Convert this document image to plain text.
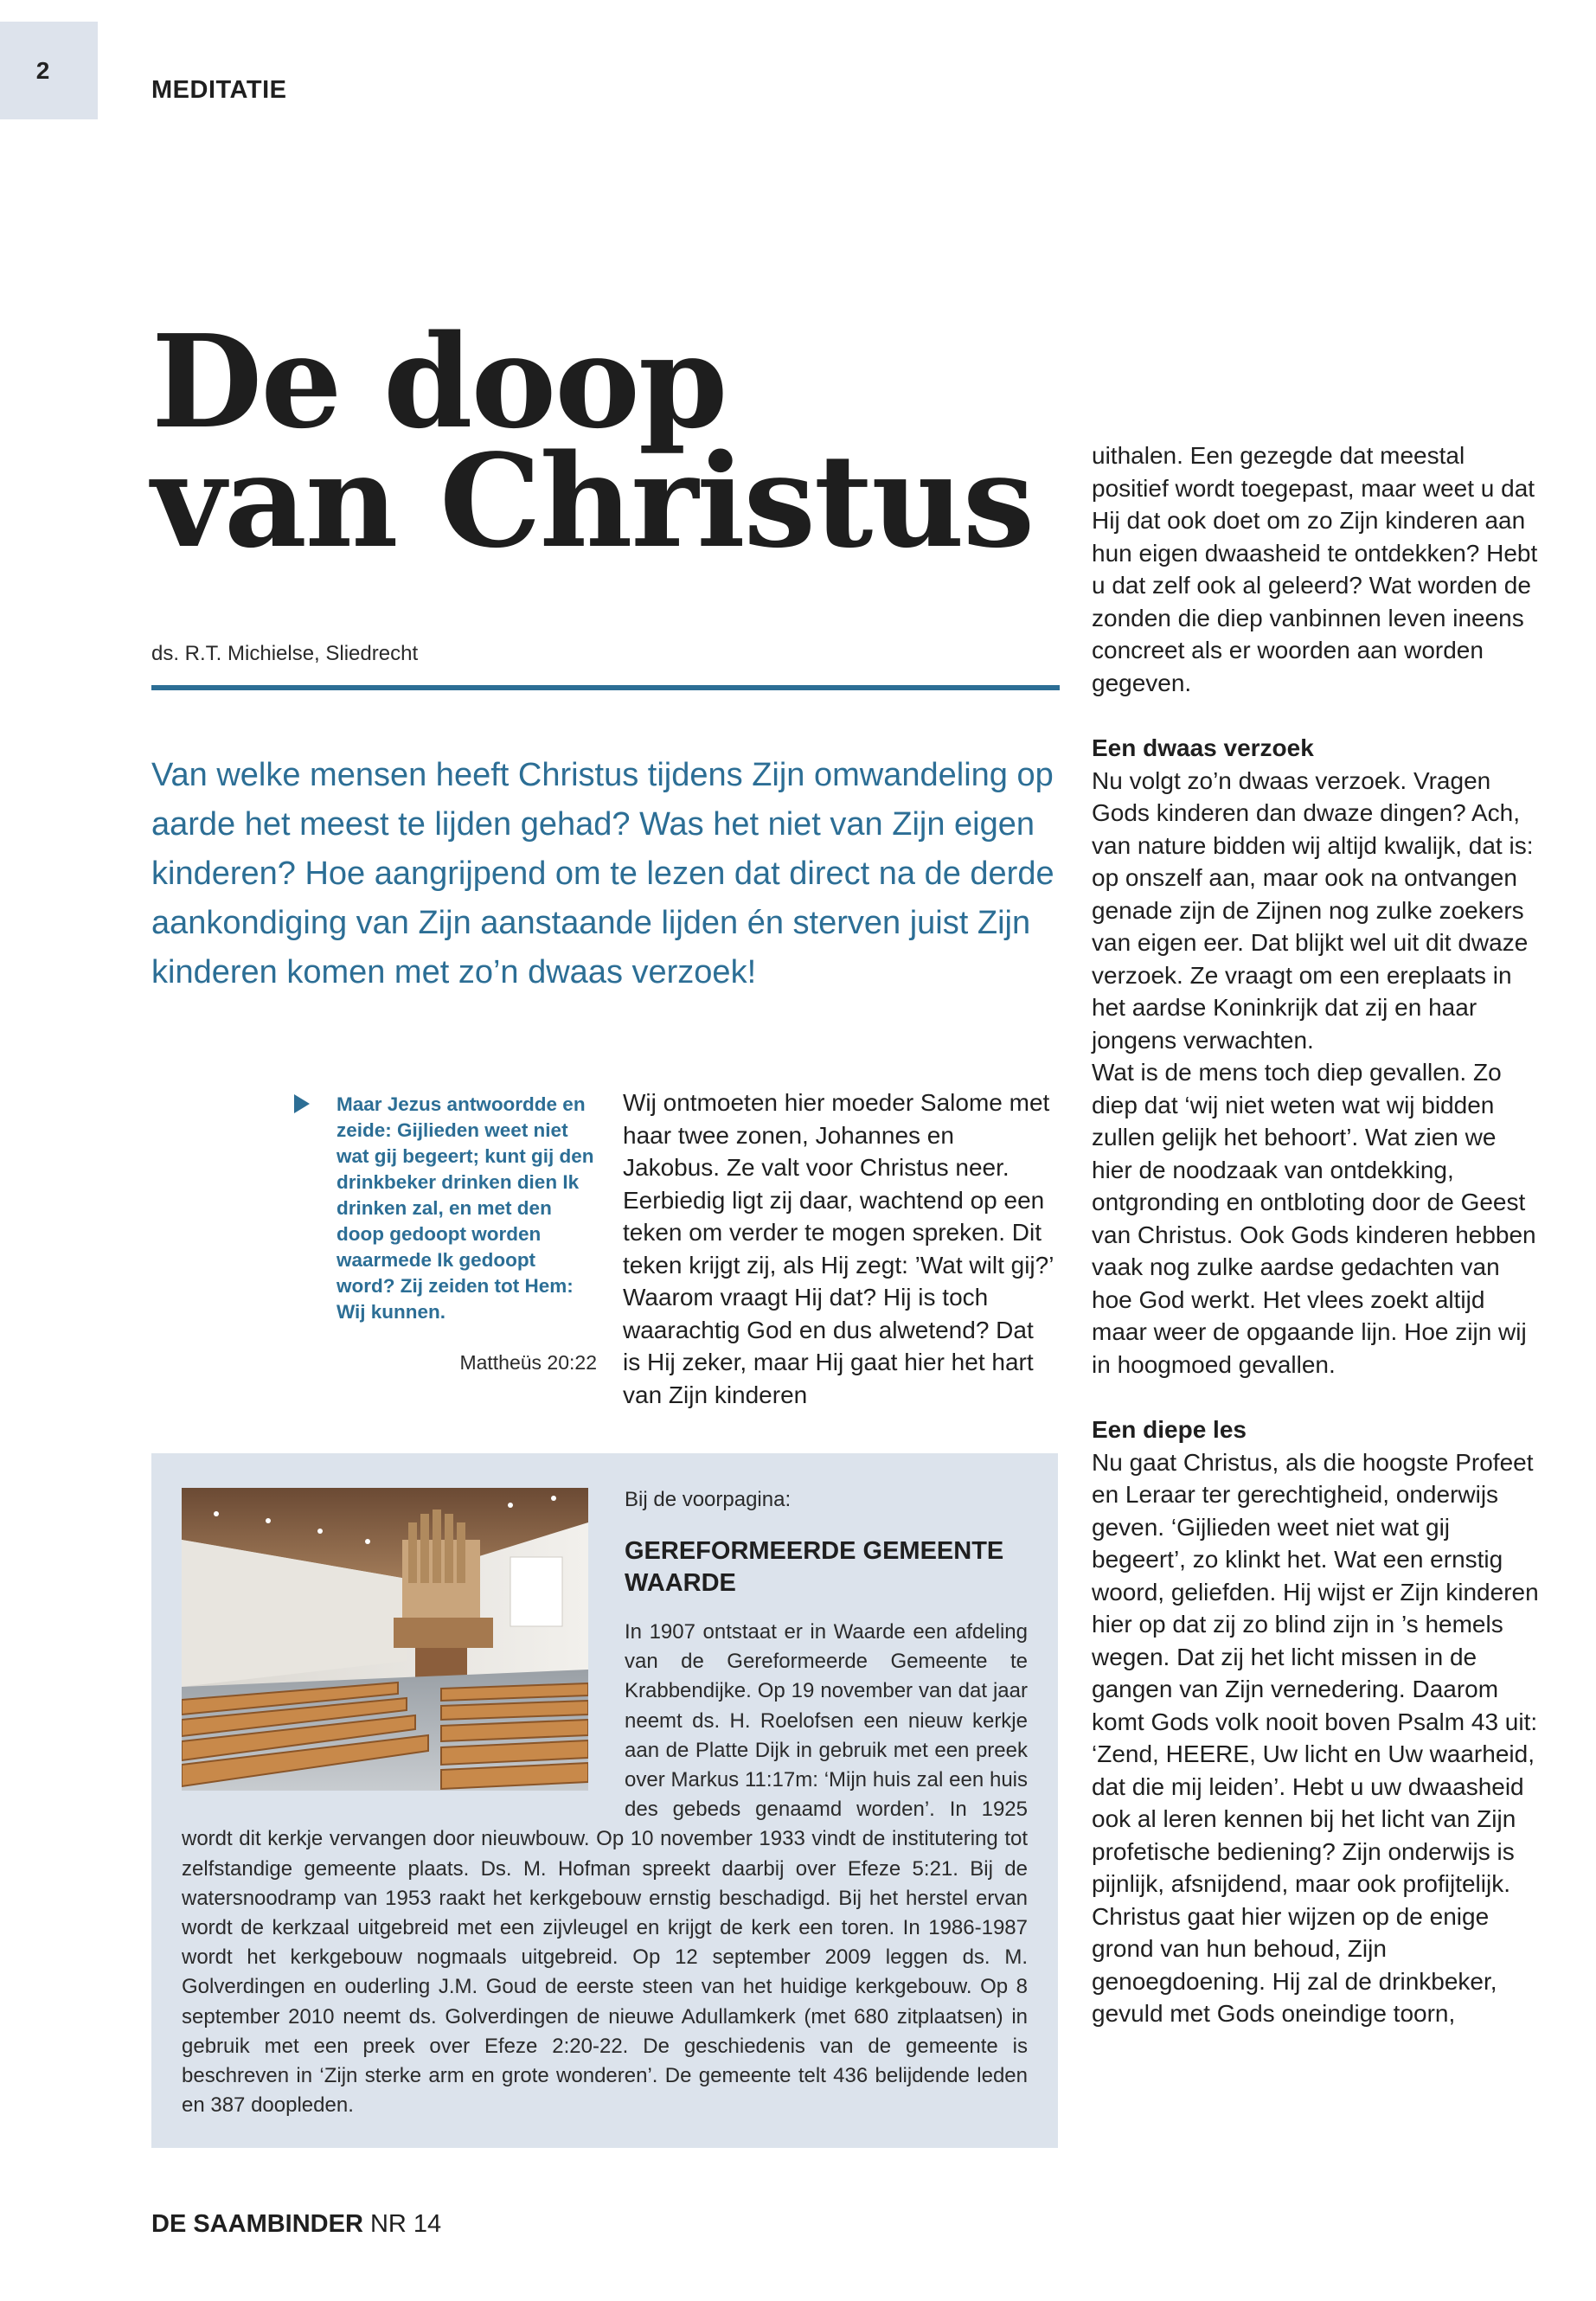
2
MEDITATIE
De doop
van Christus
ds. R.T. Michielse, Sliedrecht

Van welke mensen heeft Christus tijdens Zijn omwandeling op aarde het meest te lijden gehad? Was het niet van Zijn eigen kinderen? Hoe aangrijpend om te lezen dat direct na de derde aankondiging van Zijn aanstaande lijden én sterven juist Zijn kinderen komen met zo’n dwaas verzoek!

Maar Jezus antwoordde en zeide: Gijlieden weet niet wat gij begeert; kunt gij den drinkbeker drinken dien Ik drinken zal, en met den doop gedoopt worden waarmede Ik gedoopt word? Zij zeiden tot Hem: Wij kunnen.

Mattheüs 20:22

Wij ontmoeten hier moeder Salome met haar twee zonen, Johannes en Jakobus. Ze valt voor Christus neer. Eerbiedig ligt zij daar, wachtend op een teken om verder te mogen spreken. Dit teken krijgt zij, als Hij zegt: ’Wat wilt gij?’ Waarom vraagt Hij dat? Hij is toch waarachtig God en dus alwetend? Dat is Hij zeker, maar Hij gaat hier het hart van Zijn kinderen

uithalen. Een gezegde dat meestal positief wordt toegepast, maar weet u dat Hij dat ook doet om zo Zijn kinderen aan hun eigen dwaasheid te ontdekken? Hebt u dat zelf ook al geleerd? Wat worden de zonden die diep vanbinnen leven ineens concreet als er woorden aan worden gegeven.

Een dwaas verzoek

Nu volgt zo’n dwaas verzoek. Vragen Gods kinderen dan dwaze dingen? Ach, van nature bidden wij altijd kwalijk, dat is: op onszelf aan, maar ook na ontvangen genade zijn de Zijnen nog zulke zoekers van eigen eer. Dat blijkt wel uit dit dwaze verzoek. Ze vraagt om een ereplaats in het aardse Koninkrijk dat zij en haar jongens verwachten.

Wat is de mens toch diep gevallen. Zo diep dat ‘wij niet weten wat wij bidden zullen gelijk het behoort’. Wat zien we hier de noodzaak van ontdekking, ontgronding en ontbloting door de Geest van Christus. Ook Gods kinderen hebben vaak nog zulke aardse gedachten van hoe God werkt. Het vlees zoekt altijd maar weer de opgaande lijn. Hoe zijn wij in hoogmoed gevallen.

Een diepe les

Nu gaat Christus, als die hoogste Profeet en Leraar ter gerechtigheid, onderwijs geven. ‘Gijlieden weet niet wat gij begeert’, zo klinkt het. Wat een ernstig woord, geliefden. Hij wijst er Zijn kinderen hier op dat zij zo blind zijn in ’s hemels wegen. Dat zij het licht missen in de gangen van Zijn vernedering. Daarom komt Gods volk nooit boven Psalm 43 uit: ‘Zend, HEERE, Uw licht en Uw waarheid, dat die mij leiden’. Hebt u uw dwaasheid ook al leren kennen bij het licht van Zijn profetische bediening? Zijn onderwijs is pijnlijk, afsnijdend, maar ook profijtelijk.

Christus gaat hier wijzen op de enige grond van hun behoud, Zijn genoegdoening. Hij zal de drinkbeker, gevuld met Gods oneindige toorn,

Bij de voorpagina:
GEREFORMEERDE GEMEENTE WAARDE
In 1907 ontstaat er in Waarde een afdeling van de Gereformeerde Gemeente te Krabbendijke. Op 19 november van dat jaar neemt ds. H. Roelofsen een nieuw kerkje aan de Platte Dijk in gebruik met een preek over Markus 11:17m: ‘Mijn huis zal een huis des gebeds genaamd worden’. In 1925 wordt dit kerkje vervangen door nieuwbouw. Op 10 november 1933 vindt de institutering tot zelfstandige gemeente plaats. Ds. M. Hofman spreekt daarbij over Efeze 5:21. Bij de watersnoodramp van 1953 raakt het kerkgebouw ernstig beschadigd. Bij het herstel ervan wordt de kerkzaal uitgebreid met een zijvleugel en krijgt de kerk een toren. In 1986-1987 wordt het kerkgebouw nogmaals uitgebreid. Op 12 september 2009 leggen ds. M. Golverdingen en ouderling J.M. Goud de eerste steen van het huidige kerkgebouw. Op 8 september 2010 neemt ds. Golverdingen de nieuwe Adullamkerk (met 680 zitplaatsen) in gebruik met een preek over Efeze 2:20-22. De geschiedenis van de gemeente is beschreven in ‘Zijn sterke arm en grote wonderen’. De gemeente telt 436 belijdende leden en 387 doopleden.
DE SAAMBINDER NR 14
